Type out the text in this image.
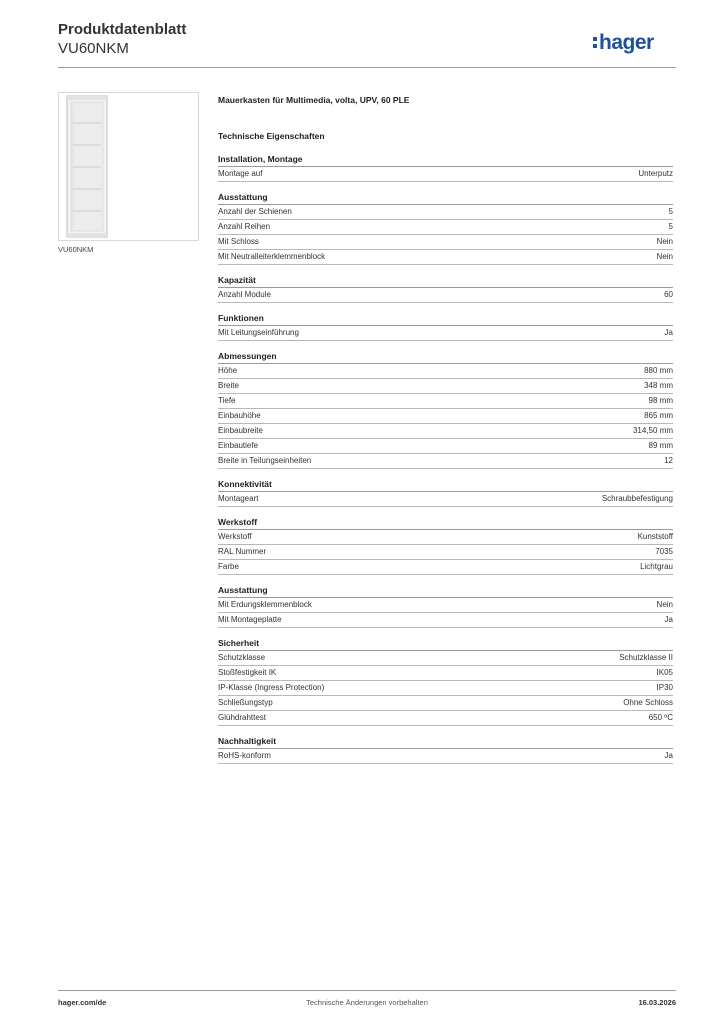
Produktdatenblatt
VU60NKM	hager
VU60NKM
Mauerkasten für Multimedia, volta, UPV, 60 PLE
Technische Eigenschaften
Installation, Montage
Montage auf	Unterputz
Ausstattung
Anzahl der Schienen	5
Anzahl Reihen	5
Mit Schloss	Nein
Mit Neutralleiterklemmenblock	Nein
Kapazität
Anzahl Module	60
Funktionen
Mit Leitungseinführung	Ja
Abmessungen
Höhe	880 mm
Breite	348 mm
Tiefe	98 mm
Einbauhöhe	865 mm
Einbaubreite	314,50 mm
Einbautiefe	89 mm
Breite in Teilungseinheiten	12
Konnektivität
Montageart	Schraubbefestigung
Werkstoff
Werkstoff	Kunststoff
RAL Nummer	7035
Farbe	Lichtgrau
Ausstattung
Mit Erdungsklemmenblock	Nein
Mit Montageplatte	Ja
Sicherheit
Schutzklasse	Schutzklasse II
Stoßfestigkeit IK	IK05
IP-Klasse (Ingress Protection)	IP30
Schließungstyp	Ohne Schloss
Glühdrahttest	650 ºC
Nachhaltigkeit
RoHS-konform	Ja
hager.com/de	Technische Änderungen vorbehalten	16.03.2026
